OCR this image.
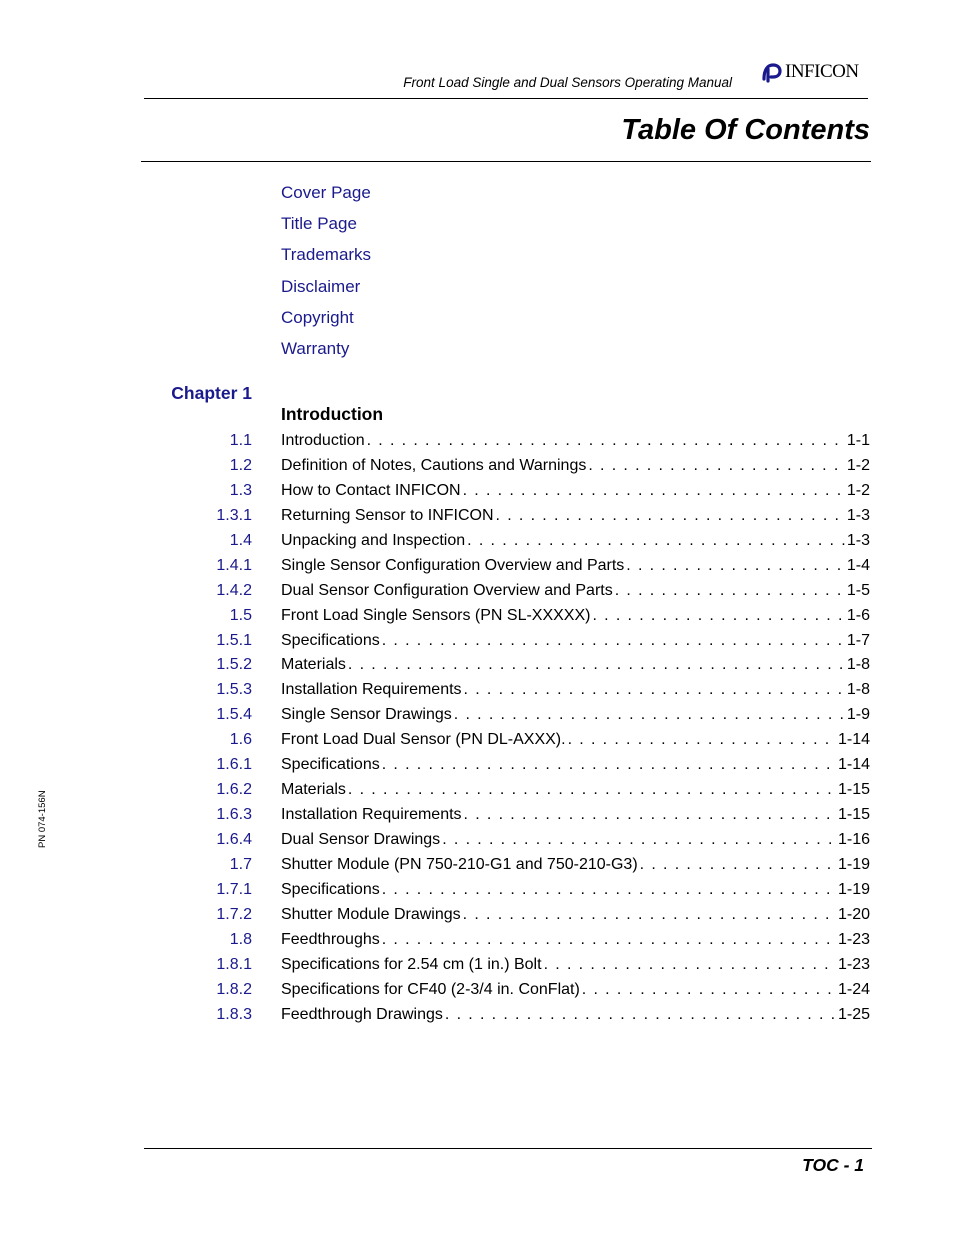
Front Load Single and Dual Sensors Operating Manual
INFICON
Table Of Contents
Cover Page
Title Page
Trademarks
Disclaimer
Copyright
Warranty
Chapter 1
Introduction
1.1 Introduction . . .	1-1
1.2 Definition of Notes, Cautions and Warnings . . .	1-2
1.3 How to Contact INFICON . . .	1-2
1.3.1 Returning Sensor to INFICON . . .	1-3
1.4 Unpacking and Inspection . . .	1-3
1.4.1 Single Sensor Configuration Overview and Parts . . .	1-4
1.4.2 Dual Sensor Configuration Overview and Parts . . .	1-5
1.5 Front Load Single Sensors (PN SL-XXXXX) . . .	1-6
1.5.1 Specifications . . .	1-7
1.5.2 Materials . . .	1-8
1.5.3 Installation Requirements . . .	1-8
1.5.4 Single Sensor Drawings . . .	1-9
1.6 Front Load Dual Sensor (PN DL-AXXX). . . .	1-14
1.6.1 Specifications . . .	1-14
1.6.2 Materials . . .	1-15
1.6.3 Installation Requirements . . .	1-15
1.6.4 Dual Sensor Drawings . . .	1-16
1.7 Shutter Module (PN 750-210-G1 and 750-210-G3) . . .	1-19
1.7.1 Specifications . . .	1-19
1.7.2 Shutter Module Drawings . . .	1-20
1.8 Feedthroughs . . .	1-23
1.8.1 Specifications for 2.54 cm (1 in.) Bolt . . .	1-23
1.8.2 Specifications for CF40 (2-3/4 in. ConFlat) . . .	1-24
1.8.3 Feedthrough Drawings . . .	1-25
PN 074-156N
TOC - 1
